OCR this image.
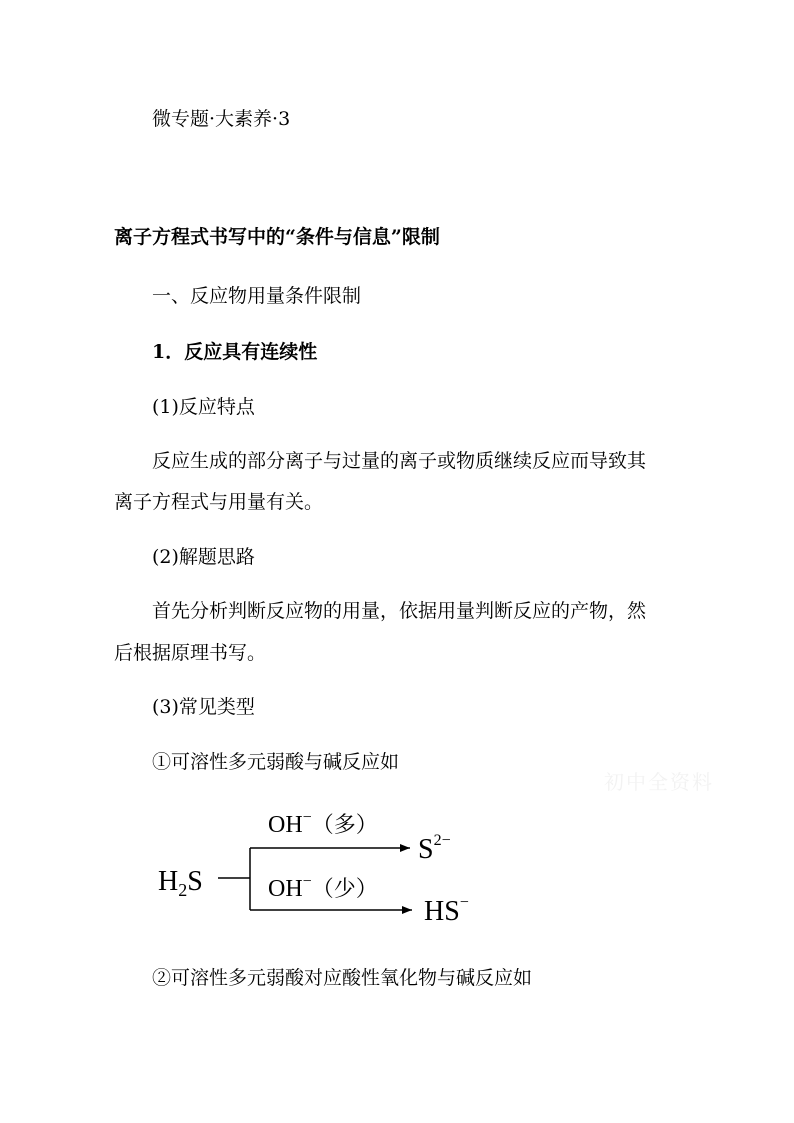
初中全资料
微专题·大素养·3
离子方程式书写中的“条件与信息”限制
一、反应物用量条件限制
1．反应具有连续性
(1)反应特点
反应生成的部分离子与过量的离子或物质继续反应而导致其
离子方程式与用量有关。
(2)解题思路
首先分析判断反应物的用量，依据用量判断反应的产物，然
后根据原理书写。
(3)常见类型
①可溶性多元弱酸与碱反应如
$H_2S$
OH−（多）
$S^{2-}$
OH−（少）
HS−
②可溶性多元弱酸对应酸性氧化物与碱反应如
